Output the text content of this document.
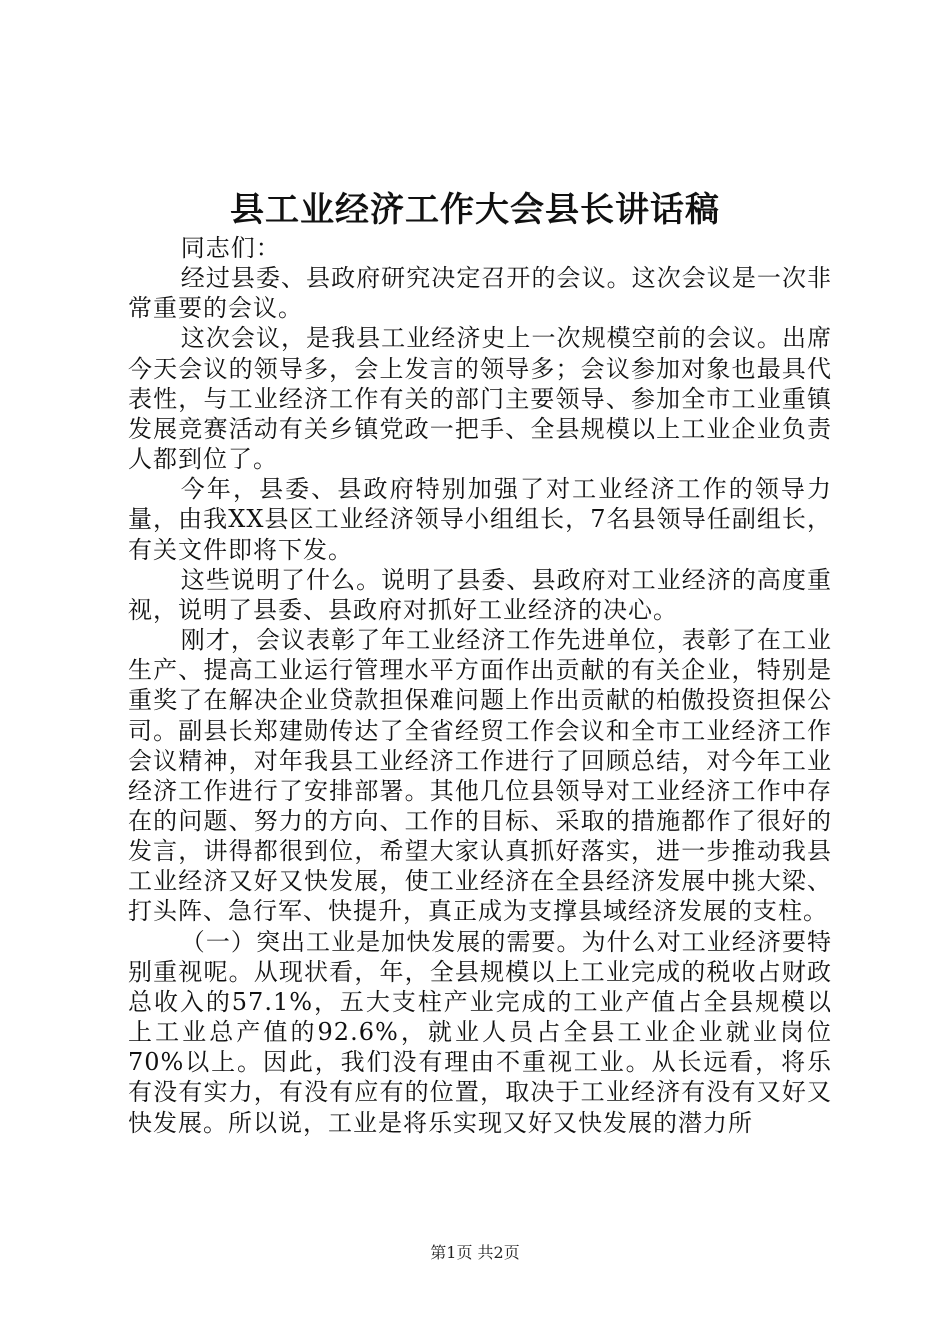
县工业经济工作大会县长讲话稿

同志们：

经过县委、县政府研究决定召开的会议。这次会议是一次非常重要的会议。

这次会议，是我县工业经济史上一次规模空前的会议。出席今天会议的领导多，会上发言的领导多；会议参加对象也最具代表性，与工业经济工作有关的部门主要领导、参加全市工业重镇发展竞赛活动有关乡镇党政一把手、全县规模以上工业企业负责人都到位了。

今年，县委、县政府特别加强了对工业经济工作的领导力量，由我XX县区工业经济领导小组组长，7名县领导任副组长，有关文件即将下发。

这些说明了什么。说明了县委、县政府对工业经济的高度重视，说明了县委、县政府对抓好工业经济的决心。

刚才，会议表彰了年工业经济工作先进单位，表彰了在工业生产、提高工业运行管理水平方面作出贡献的有关企业，特别是重奖了在解决企业贷款担保难问题上作出贡献的柏傲投资担保公司。副县长郑建勋传达了全省经贸工作会议和全市工业经济工作会议精神，对年我县工业经济工作进行了回顾总结，对今年工业经济工作进行了安排部署。其他几位县领导对工业经济工作中存在的问题、努力的方向、工作的目标、采取的措施都作了很好的发言，讲得都很到位，希望大家认真抓好落实，进一步推动我县工业经济又好又快发展，使工业经济在全县经济发展中挑大梁、打头阵、急行军、快提升，真正成为支撑县域经济发展的支柱。

（一）突出工业是加快发展的需要。为什么对工业经济要特别重视呢。从现状看，年，全县规模以上工业完成的税收占财政总收入的57.1%，五大支柱产业完成的工业产值占全县规模以上工业总产值的92.6%，就业人员占全县工业企业就业岗位70%以上。因此，我们没有理由不重视工业。从长远看，将乐有没有实力，有没有应有的位置，取决于工业经济有没有又好又快发展。所以说，工业是将乐实现又好又快发展的潜力所

第1页 共2页
